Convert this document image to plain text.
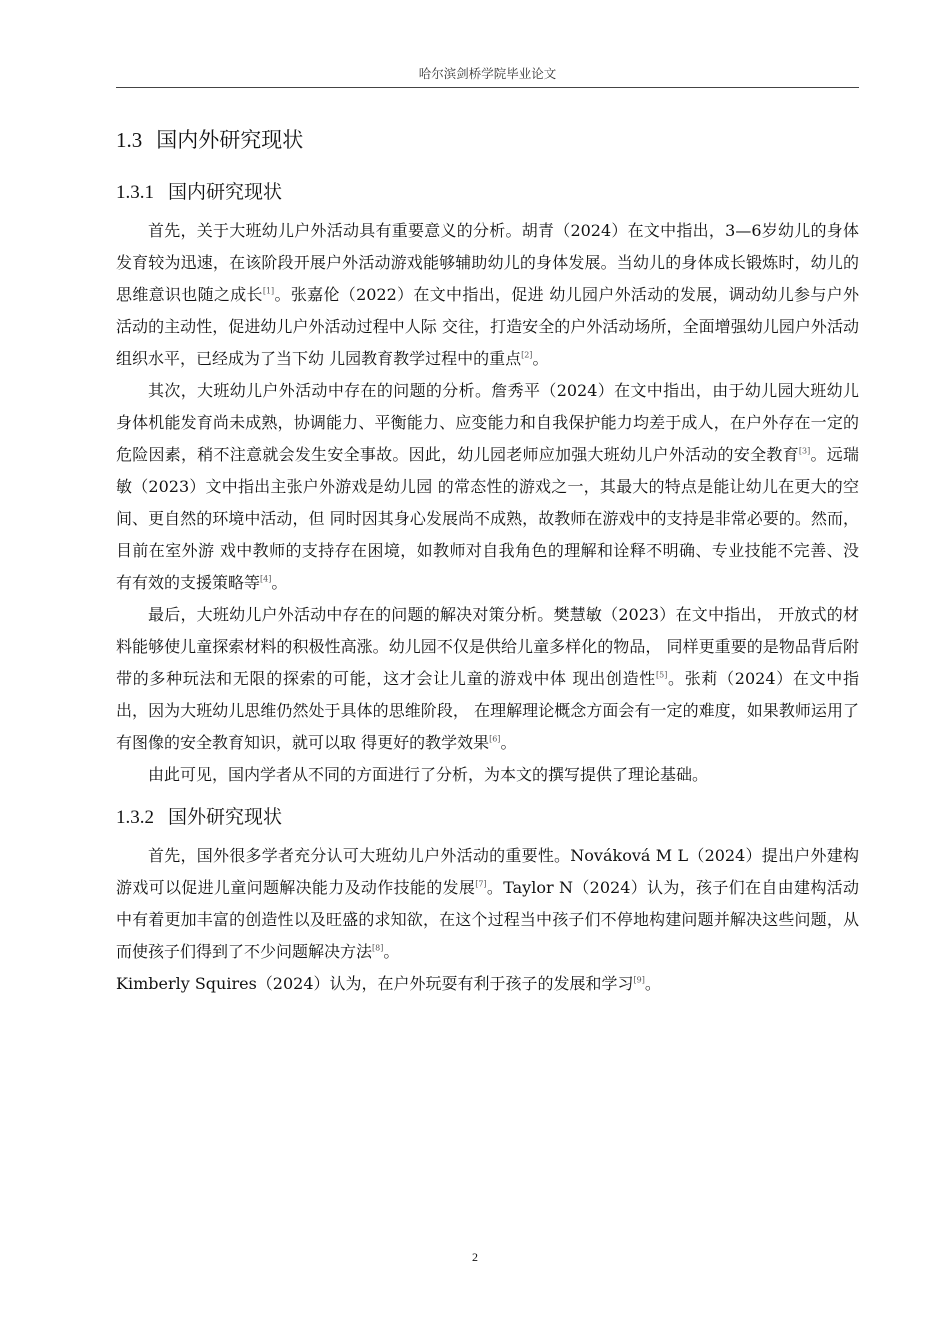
哈尔滨剑桥学院毕业论文
1.3 国内外研究现状
1.3.1 国内研究现状

首先，关于大班幼儿户外活动具有重要意义的分析。胡青（2024）在文中指出，3—6岁幼儿的身体发育较为迅速，在该阶段开展户外活动游戏能够辅助幼儿的身体发展。当幼儿的身体成长锻炼时，幼儿的思维意识也随之成长[1]。张嘉伦（2022）在文中指出，促进 幼儿园户外活动的发展，调动幼儿参与户外活动的主动性，促进幼儿户外活动过程中人际 交往，打造安全的户外活动场所，全面增强幼儿园户外活动组织水平，已经成为了当下幼 儿园教育教学过程中的重点[2]。

其次，大班幼儿户外活动中存在的问题的分析。詹秀平（2024）在文中指出，由于幼儿园大班幼儿身体机能发育尚未成熟，协调能力、平衡能力、应变能力和自我保护能力均差于成人，在户外存在一定的危险因素，稍不注意就会发生安全事故。因此，幼儿园老师应加强大班幼儿户外活动的安全教育[3]。远瑞敏（2023）文中指出主张户外游戏是幼儿园 的常态性的游戏之一，其最大的特点是能让幼儿在更大的空间、更自然的环境中活动，但 同时因其身心发展尚不成熟，故教师在游戏中的支持是非常必要的。然而， 目前在室外游 戏中教师的支持存在困境，如教师对自我角色的理解和诠释不明确、专业技能不完善、没 有有效的支援策略等[4]。

最后，大班幼儿户外活动中存在的问题的解决对策分析。樊慧敏（2023）在文中指出， 开放式的材料能够使儿童探索材料的积极性高涨。幼儿园不仅是供给儿童多样化的物品， 同样更重要的是物品背后附带的多种玩法和无限的探索的可能，这才会让儿童的游戏中体 现出创造性[5]。张莉（2024）在文中指出，因为大班幼儿思维仍然处于具体的思维阶段， 在理解理论概念方面会有一定的难度，如果教师运用了有图像的安全教育知识，就可以取 得更好的教学效果[6]。

由此可见，国内学者从不同的方面进行了分析，为本文的撰写提供了理论基础。

1.3.2 国外研究现状

首先，国外很多学者充分认可大班幼儿户外活动的重要性。Nováková M L（2024）提出户外建构游戏可以促进儿童问题解决能力及动作技能的发展[7]。Taylor N（2024）认为，孩子们在自由建构活动中有着更加丰富的创造性以及旺盛的求知欲，在这个过程当中孩子们不停地构建问题并解决这些问题，从而使孩子们得到了不少问题解决方法[8]。

Kimberly Squires（2024）认为，在户外玩耍有利于孩子的发展和学习[9]。

2
